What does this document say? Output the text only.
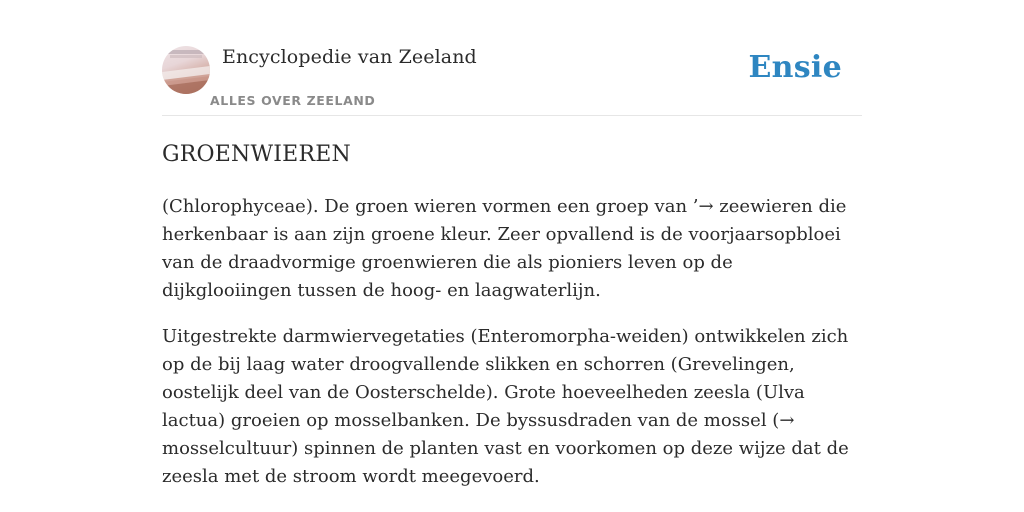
Encyclopedie van Zeeland
ALLES OVER ZEELAND
Ensie
GROENWIEREN

(Chlorophyceae). De groen wieren vormen een groep van ’→ zeewieren die herkenbaar is aan zijn groene kleur. Zeer opvallend is de voorjaarsopbloei van de draadvormige groenwieren die als pioniers leven op de dijkglooiingen tussen de hoog- en laagwaterlijn.

Uitgestrekte darmwiervegetaties (Enteromorpha-weiden) ontwikkelen zich op de bij laag water droogvallende slikken en schorren (Grevelingen, oostelijk deel van de Oosterschelde). Grote hoeveelheden zeesla (Ulva lactua) groeien op mosselbanken. De byssusdraden van de mossel (→ mosselcultuur) spinnen de planten vast en voorkomen op deze wijze dat de zeesla met de stroom wordt meegevoerd.
